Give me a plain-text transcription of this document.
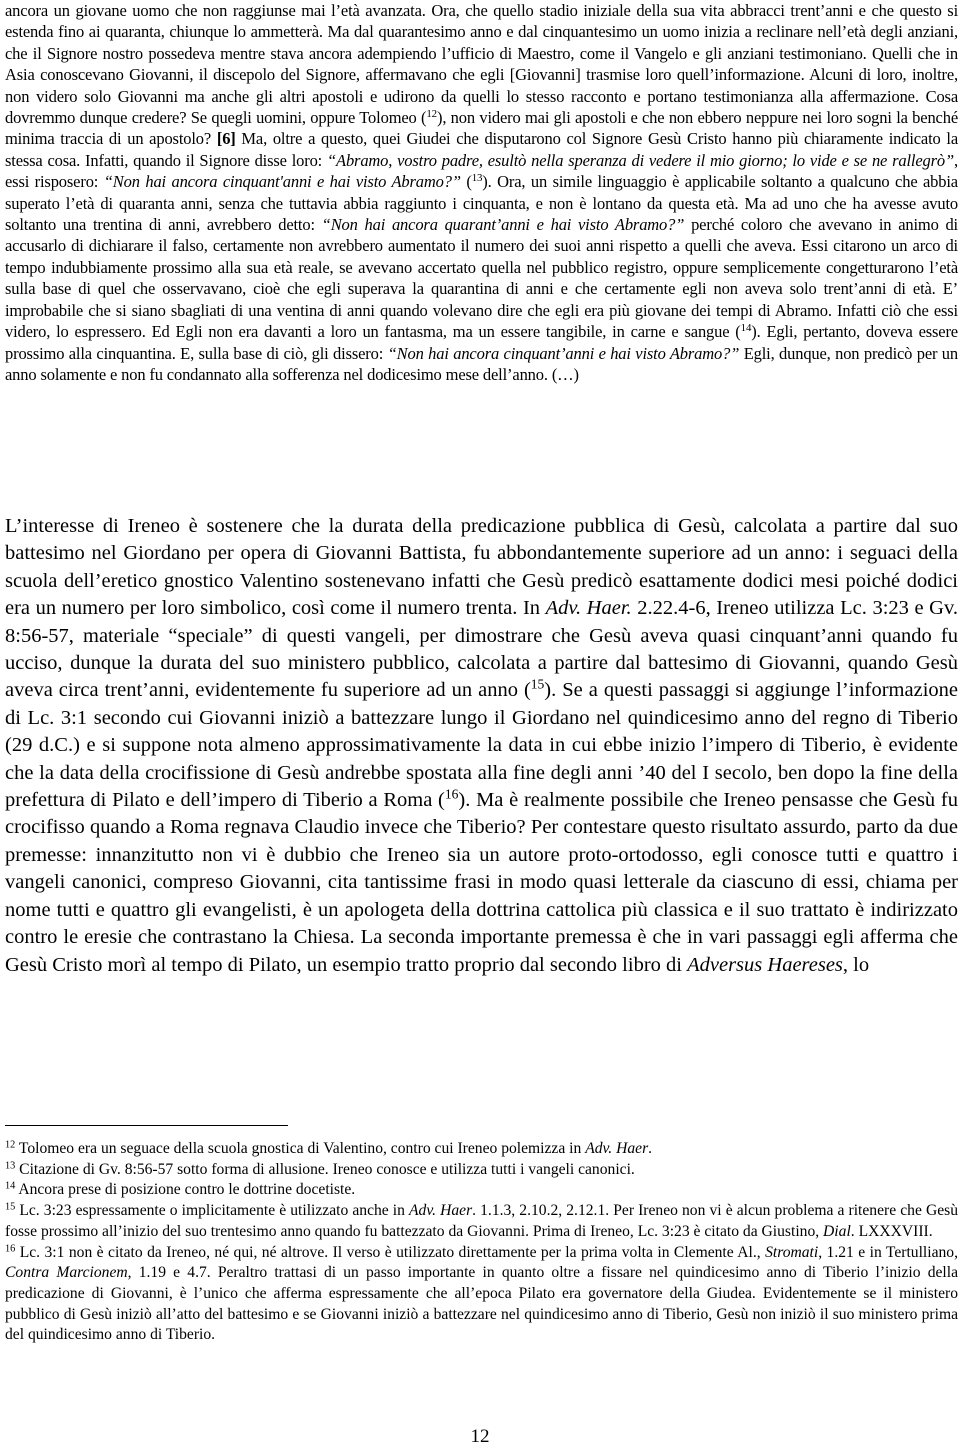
ancora un giovane uomo che non raggiunse mai l’età avanzata. Ora, che quello stadio iniziale della sua vita abbracci trent’anni e che questo si estenda fino ai quaranta, chiunque lo ammetterà. Ma dal quarantesimo anno e dal cinquantesimo un uomo inizia a reclinare nell’età degli anziani, che il Signore nostro possedeva mentre stava ancora adempiendo l’ufficio di Maestro, come il Vangelo e gli anziani testimoniano. Quelli che in Asia conoscevano Giovanni, il discepolo del Signore, affermavano che egli [Giovanni] trasmise loro quell’informazione. Alcuni di loro, inoltre, non videro solo Giovanni ma anche gli altri apostoli e udirono da quelli lo stesso racconto e portano testimonianza alla affermazione. Cosa dovremmo dunque credere? Se quegli uomini, oppure Tolomeo ($^{12}$), non videro mai gli apostoli e che non ebbero neppure nei loro sogni la benché minima traccia di un apostolo? [6] Ma, oltre a questo, quei Giudei che disputarono col Signore Gesù Cristo hanno più chiaramente indicato la stessa cosa. Infatti, quando il Signore disse loro: “Abramo, vostro padre, esultò nella speranza di vedere il mio giorno; lo vide e se ne rallegrò”, essi risposero: “Non hai ancora cinquant'anni e hai visto Abramo?” ($^{13}$). Ora, un simile linguaggio è applicabile soltanto a qualcuno che abbia superato l’età di quaranta anni, senza che tuttavia abbia raggiunto i cinquanta, e non è lontano da questa età. Ma ad uno che ha avesse avuto soltanto una trentina di anni, avrebbero detto: “Non hai ancora quarant’anni e hai visto Abramo?” perché coloro che avevano in animo di accusarlo di dichiarare il falso, certamente non avrebbero aumentato il numero dei suoi anni rispetto a quelli che aveva. Essi citarono un arco di tempo indubbiamente prossimo alla sua età reale, se avevano accertato quella nel pubblico registro, oppure semplicemente congetturarono l’età sulla base di quel che osservavano, cioè che egli superava la quarantina di anni e che certamente egli non aveva solo trent’anni di età. E’ improbabile che si siano sbagliati di una ventina di anni quando volevano dire che egli era più giovane dei tempi di Abramo. Infatti ciò che essi videro, lo espressero. Ed Egli non era davanti a loro un fantasma, ma un essere tangibile, in carne e sangue ($^{14}$). Egli, pertanto, doveva essere prossimo alla cinquantina. E, sulla base di ciò, gli dissero: “Non hai ancora cinquant’anni e hai visto Abramo?” Egli, dunque, non predicò per un anno solamente e non fu condannato alla sofferenza nel dodicesimo mese dell’anno. (…)

L’interesse di Ireneo è sostenere che la durata della predicazione pubblica di Gesù, calcolata a partire dal suo battesimo nel Giordano per opera di Giovanni Battista, fu abbondantemente superiore ad un anno: i seguaci della scuola dell’eretico gnostico Valentino sostenevano infatti che Gesù predicò esattamente dodici mesi poiché dodici era un numero per loro simbolico, così come il numero trenta. In Adv. Haer. 2.22.4-6, Ireneo utilizza Lc. 3:23 e Gv. 8:56-57, materiale “speciale” di questi vangeli, per dimostrare che Gesù aveva quasi cinquant’anni quando fu ucciso, dunque la durata del suo ministero pubblico, calcolata a partire dal battesimo di Giovanni, quando Gesù aveva circa trent’anni, evidentemente fu superiore ad un anno ($^{15}$). Se a questi passaggi si aggiunge l’informazione di Lc. 3:1 secondo cui Giovanni iniziò a battezzare lungo il Giordano nel quindicesimo anno del regno di Tiberio (29 d.C.) e si suppone nota almeno approssimativamente la data in cui ebbe inizio l’impero di Tiberio, è evidente che la data della crocifissione di Gesù andrebbe spostata alla fine degli anni ’40 del I secolo, ben dopo la fine della prefettura di Pilato e dell’impero di Tiberio a Roma ($^{16}$). Ma è realmente possibile che Ireneo pensasse che Gesù fu crocifisso quando a Roma regnava Claudio invece che Tiberio? Per contestare questo risultato assurdo, parto da due premesse: innanzitutto non vi è dubbio che Ireneo sia un autore proto-ortodosso, egli conosce tutti e quattro i vangeli canonici, compreso Giovanni, cita tantissime frasi in modo quasi letterale da ciascuno di essi, chiama per nome tutti e quattro gli evangelisti, è un apologeta della dottrina cattolica più classica e il suo trattato è indirizzato contro le eresie che contrastano la Chiesa. La seconda importante premessa è che in vari passaggi egli afferma che Gesù Cristo morì al tempo di Pilato, un esempio tratto proprio dal secondo libro di Adversus Haereses, lo

$^{12}$ Tolomeo era un seguace della scuola gnostica di Valentino, contro cui Ireneo polemizza in Adv. Haer.

$^{13}$ Citazione di Gv. 8:56-57 sotto forma di allusione. Ireneo conosce e utilizza tutti i vangeli canonici.

$^{14}$ Ancora prese di posizione contro le dottrine docetiste.

$^{15}$ Lc. 3:23 espressamente o implicitamente è utilizzato anche in Adv. Haer. 1.1.3, 2.10.2, 2.12.1. Per Ireneo non vi è alcun problema a ritenere che Gesù fosse prossimo all’inizio del suo trentesimo anno quando fu battezzato da Giovanni. Prima di Ireneo, Lc. 3:23 è citato da Giustino, Dial. LXXXVIII.

$^{16}$ Lc. 3:1 non è citato da Ireneo, né qui, né altrove. Il verso è utilizzato direttamente per la prima volta in Clemente Al., Stromati, 1.21 e in Tertulliano, Contra Marcionem, 1.19 e 4.7. Peraltro trattasi di un passo importante in quanto oltre a fissare nel quindicesimo anno di Tiberio l’inizio della predicazione di Giovanni, è l’unico che afferma espressamente che all’epoca Pilato era governatore della Giudea. Evidentemente se il ministero pubblico di Gesù iniziò all’atto del battesimo e se Giovanni iniziò a battezzare nel quindicesimo anno di Tiberio, Gesù non iniziò il suo ministero prima del quindicesimo anno di Tiberio.

12
